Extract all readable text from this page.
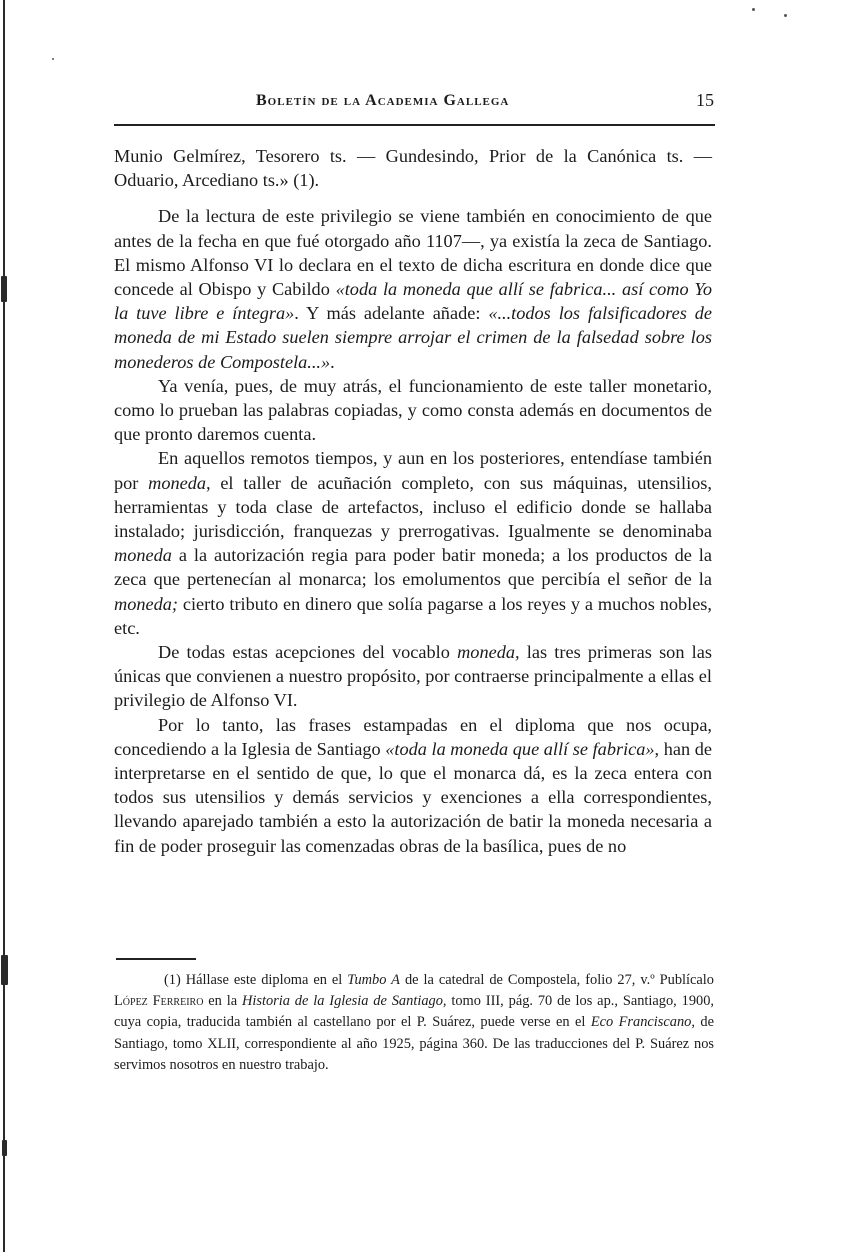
Boletín de la Academia Gallega	15

Munio Gelmírez, Tesorero ts. — Gundesindo, Prior de la Canónica ts. — Oduario, Arcediano ts.» (1).

De la lectura de este privilegio se viene también en conocimiento de que antes de la fecha en que fué otorgado año 1107—, ya existía la zeca de Santiago. El mismo Alfonso VI lo declara en el texto de dicha escritura en donde dice que concede al Obispo y Cabildo «toda la moneda que allí se fabrica... así como Yo la tuve libre e íntegra». Y más adelante añade: «...todos los falsificadores de moneda de mi Estado suelen siempre arrojar el crimen de la falsedad sobre los monederos de Compostela...».

Ya venía, pues, de muy atrás, el funcionamiento de este taller monetario, como lo prueban las palabras copiadas, y como consta además en documentos de que pronto daremos cuenta.

En aquellos remotos tiempos, y aun en los posteriores, entendíase también por moneda, el taller de acuñación completo, con sus máquinas, utensilios, herramientas y toda clase de artefactos, incluso el edificio donde se hallaba instalado; jurisdicción, franquezas y prerrogativas. Igualmente se denominaba moneda a la autorización regia para poder batir moneda; a los productos de la zeca que pertenecían al monarca; los emolumentos que percibía el señor de la moneda; cierto tributo en dinero que solía pagarse a los reyes y a muchos nobles, etc.

De todas estas acepciones del vocablo moneda, las tres primeras son las únicas que convienen a nuestro propósito, por contraerse principalmente a ellas el privilegio de Alfonso VI.

Por lo tanto, las frases estampadas en el diploma que nos ocupa, concediendo a la Iglesia de Santiago «toda la moneda que allí se fabrica», han de interpretarse en el sentido de que, lo que el monarca dá, es la zeca entera con todos sus utensilios y demás servicios y exenciones a ella correspondientes, llevando aparejado también a esto la autorización de batir la moneda necesaria a fin de poder proseguir las comenzadas obras de la basílica, pues de no

(1) Hállase este diploma en el Tumbo A de la catedral de Compostela, folio 27, v.º Publícalo López Ferreiro en la Historia de la Iglesia de Santiago, tomo III, pág. 70 de los ap., Santiago, 1900, cuya copia, traducida también al castellano por el P. Suárez, puede verse en el Eco Franciscano, de Santiago, tomo XLII, correspondiente al año 1925, página 360. De las traducciones del P. Suárez nos servimos nosotros en nuestro trabajo.
